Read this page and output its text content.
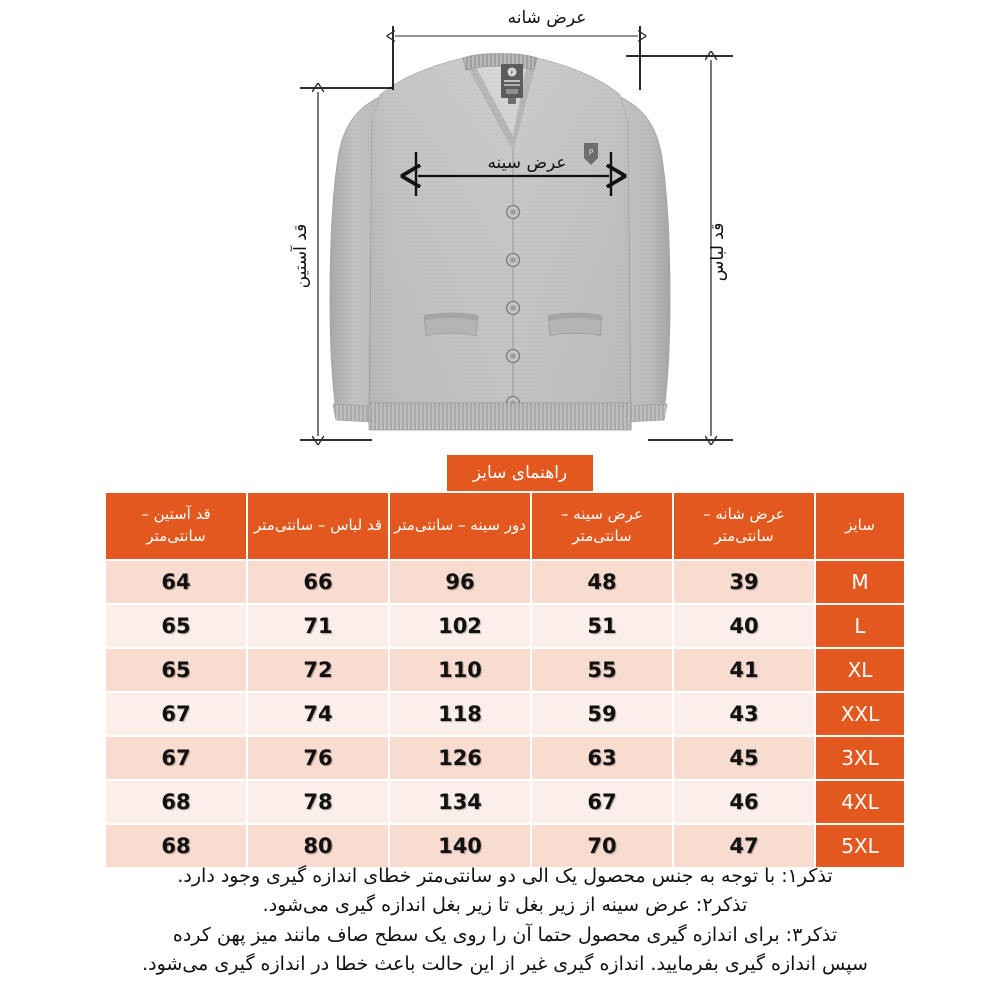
P
P
عرض شانه
عرض سینه
قد آستین	قد لباس
راهنمای سایز
سایز	عرض شانه – سانتی‌متر	عرض سینه – سانتی‌متر	دور سینه – سانتی‌متر	قد لباس – سانتی‌متر	قد آستین – سانتی‌متر
M	39	48	96	66	64
L	40	51	102	71	65
XL	41	55	110	72	65
XXL	43	59	118	74	67
3XL	45	63	126	76	67
4XL	46	67	134	78	68
5XL	47	70	140	80	68

تذکر۱: با توجه به جنس محصول یک الی دو سانتی‌متر خطای اندازه گیری وجود دارد.

تذکر۲: عرض سینه از زیر بغل تا زیر بغل اندازه گیری می‌شود.

تذکر۳: برای اندازه گیری محصول حتما آن را روی یک سطح صاف مانند میز پهن کرده

سپس اندازه گیری بفرمایید. اندازه گیری غیر از این حالت باعث خطا در اندازه گیری می‌شود.
